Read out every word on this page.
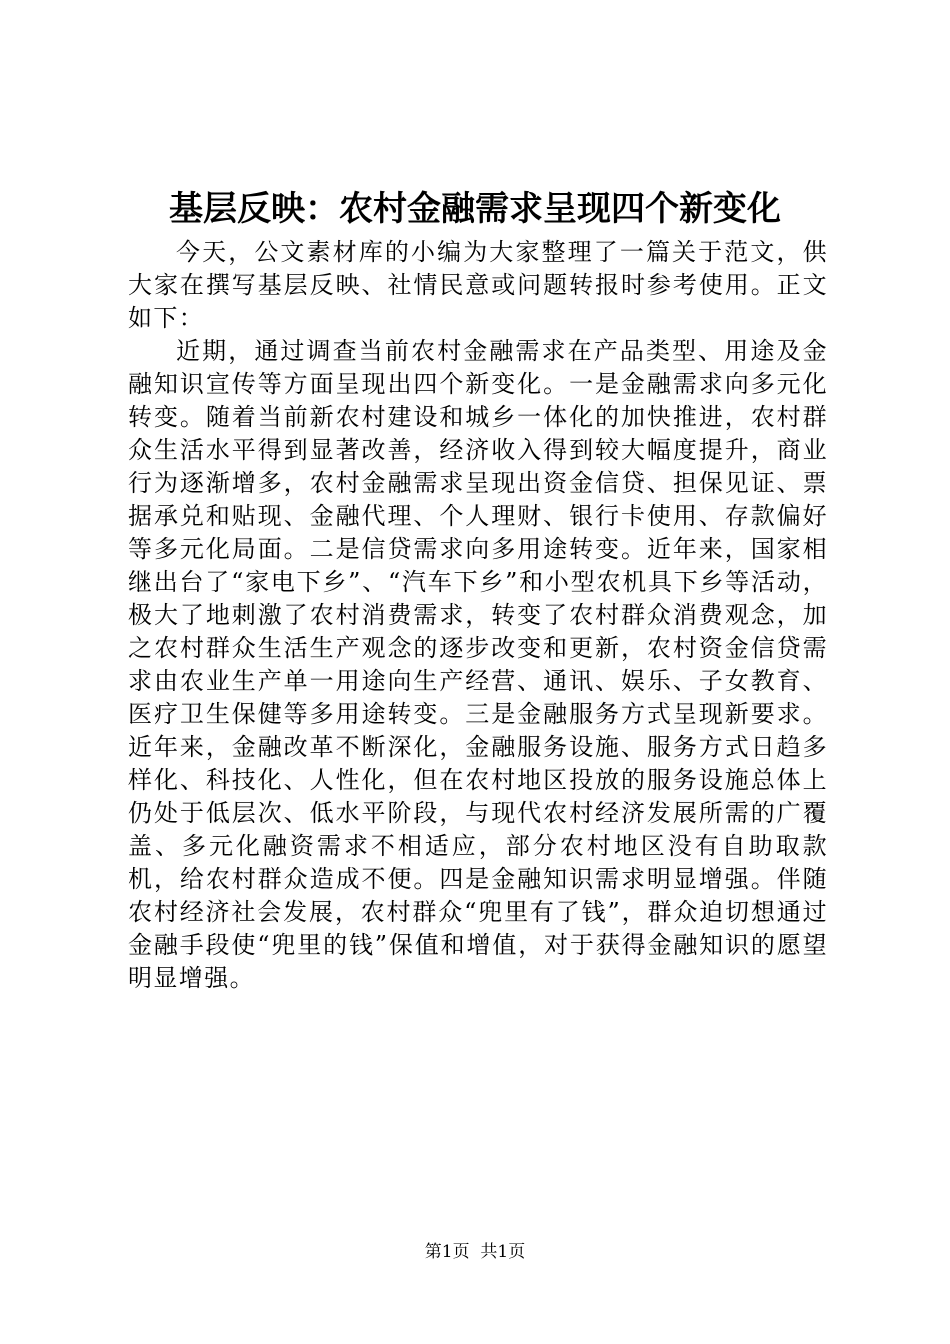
基层反映：农村金融需求呈现四个新变化

今天，公文素材库的小编为大家整理了一篇关于范文，供大家在撰写基层反映、社情民意或问题转报时参考使用。正文如下：

近期，通过调查当前农村金融需求在产品类型、用途及金融知识宣传等方面呈现出四个新变化。一是金融需求向多元化转变。随着当前新农村建设和城乡一体化的加快推进，农村群众生活水平得到显著改善，经济收入得到较大幅度提升，商业行为逐渐增多，农村金融需求呈现出资金信贷、担保见证、票据承兑和贴现、金融代理、个人理财、银行卡使用、存款偏好等多元化局面。二是信贷需求向多用途转变。近年来，国家相继出台了“家电下乡”、“汽车下乡”和小型农机具下乡等活动，极大了地刺激了农村消费需求，转变了农村群众消费观念，加之农村群众生活生产观念的逐步改变和更新，农村资金信贷需求由农业生产单一用途向生产经营、通讯、娱乐、子女教育、医疗卫生保健等多用途转变。三是金融服务方式呈现新要求。近年来，金融改革不断深化，金融服务设施、服务方式日趋多样化、科技化、人性化，但在农村地区投放的服务设施总体上仍处于低层次、低水平阶段，与现代农村经济发展所需的广覆盖、多元化融资需求不相适应，部分农村地区没有自助取款机，给农村群众造成不便。四是金融知识需求明显增强。伴随农村经济社会发展，农村群众“兜里有了钱”，群众迫切想通过金融手段使“兜里的钱”保值和增值，对于获得金融知识的愿望明显增强。

第1页  共1页
